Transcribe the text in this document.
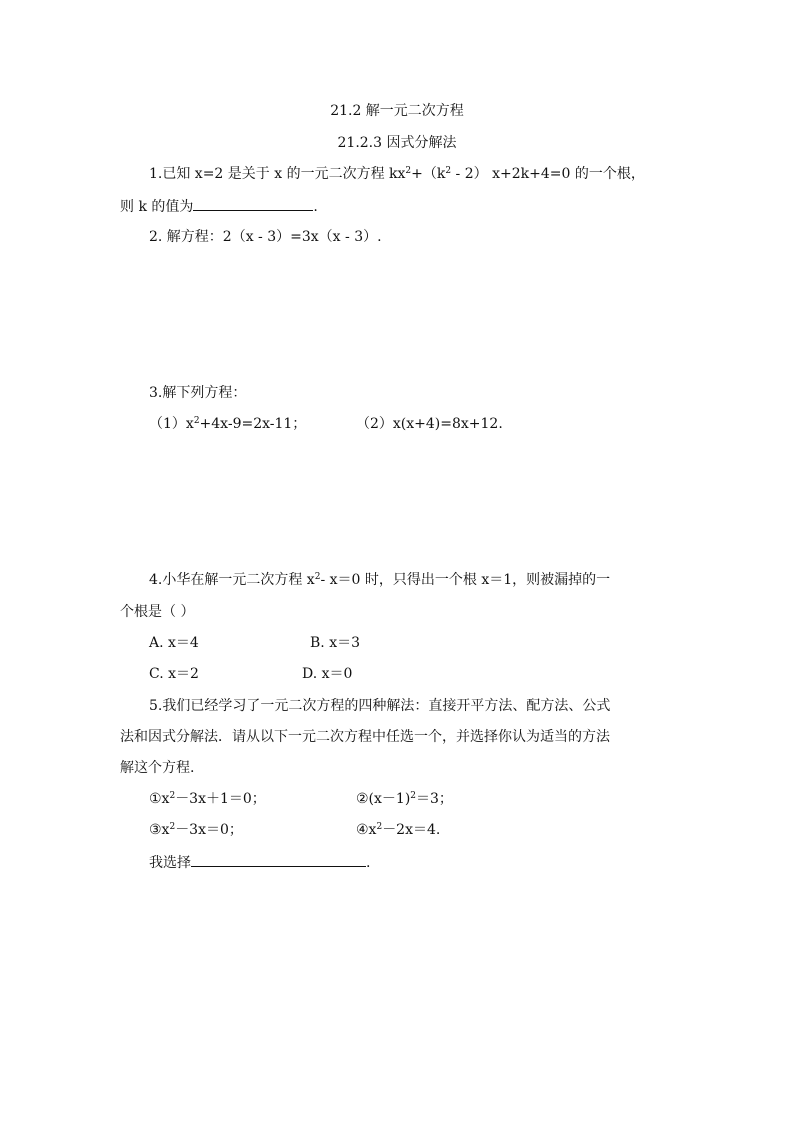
21.2 解一元二次方程
21.2.3 因式分解法
1.已知 x=2 是关于 x 的一元二次方程 $kx^2+(k^2 - 2)$ x+2k+4=0 的一个根，
则 k 的值为	.
2. 解方程：2（x - 3）=3x（x - 3）.
3.解下列方程：
$(1)x^2+4x-9=2x-11$；	（2）x(x+4)=8x+12.
4.小华在解一元二次方程 $x^2-$ x＝0 时，只得出一个根 x＝1，则被漏掉的一
个根是（ ）
A. x＝4	B. x＝3
C. x＝2	D. x＝0
5.我们已经学习了一元二次方程的四种解法：直接开平方法、配方法、公式
法和因式分解法．请从以下一元二次方程中任选一个，并选择你认为适当的方法
解这个方程.
$①x^2-3x+1=0$；	$②(x-1)^2=3$；
$③x^2-3x=0$；	$④x^2-2x=4$.
我选择	.
